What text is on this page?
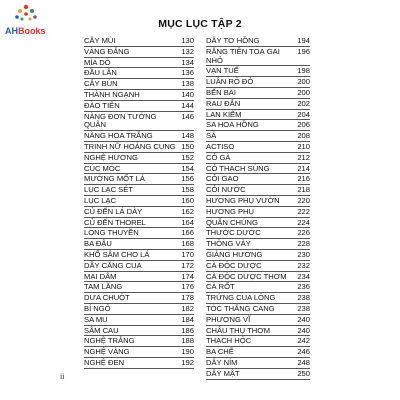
AHBooks
MỤC LỤC TẬP 2
CÂY MÙI	130
VÀNG ĐẮNG	132
MÌA DÒ	134
ĐẦU LÂN	136
CÂY BÚN	138
THÀNH NGẠNH	140
ĐÀO TIÊN	144
NÀNG ĐƠN TƯỚNG QUÂN
146
NÀNG HOA TRẮNG	148
TRINH NỮ HOÀNG CUNG 150
NGHỆ HƯƠNG	152
CÚC MÓC	154
MƯỚNG MỐT LÁ	156
LỤC LẠC SÉT	158
LỤC LẠC	160
CỦ ĐẾN LÁ DÀY	162
CỦ ĐẾN THOREL	164
LONG THUYỀN	166
BA ĐẬU	168
KHỔ SÂM CHO LÁ	170
DÂY CĂNG CUA	172
MAI DÂM	174
TAM LĂNG	176
DƯA CHUỘT	178
BÍ NGÔ	182
SA MU	184
SÂM CAU	186
NGHỆ TRẮNG	188
NGHỆ VÀNG	190
NGHỆ ĐEN	192
DÂY TƠ HỒNG	194
RĂNG TIÊN TOẠ GAI NHỎ
196
VẠN TUẾ	198
LUÂN RÔ ĐỎ	200
BẾN BAI	200
RAU ĐẮN	202
LAN KIẾM	204
SA HOA HỒNG	206
SẢ	208
ACTISO	210
CỎ GÀ	212
CỎ THẠCH SÙNG	214
CỎI GẠO	216
CỎI NƯỚC	218
HƯƠNG PHỤ VƯỜN	220
HƯƠNG PHỤ	222
QUÂN CHÚNG	224
THƯỚC DƯỚC	226
THÔNG VẢY	228
GIẢNG HƯƠNG	230
CÀ ĐỘC DƯỢC	232
CÀ ĐỘC DƯỢC THƠM	234
CÀ RỐT	236
TRỨNG CUA LÔNG	238
TÓC THẮNG CANG	238
PHƯỢNG VĨ	240
CHÂU THỤ THƠM	240
THẠCH HỘC	242
BA CHẼ	246
DÂY NÍM	248
DÂY MẬT	250
ii
